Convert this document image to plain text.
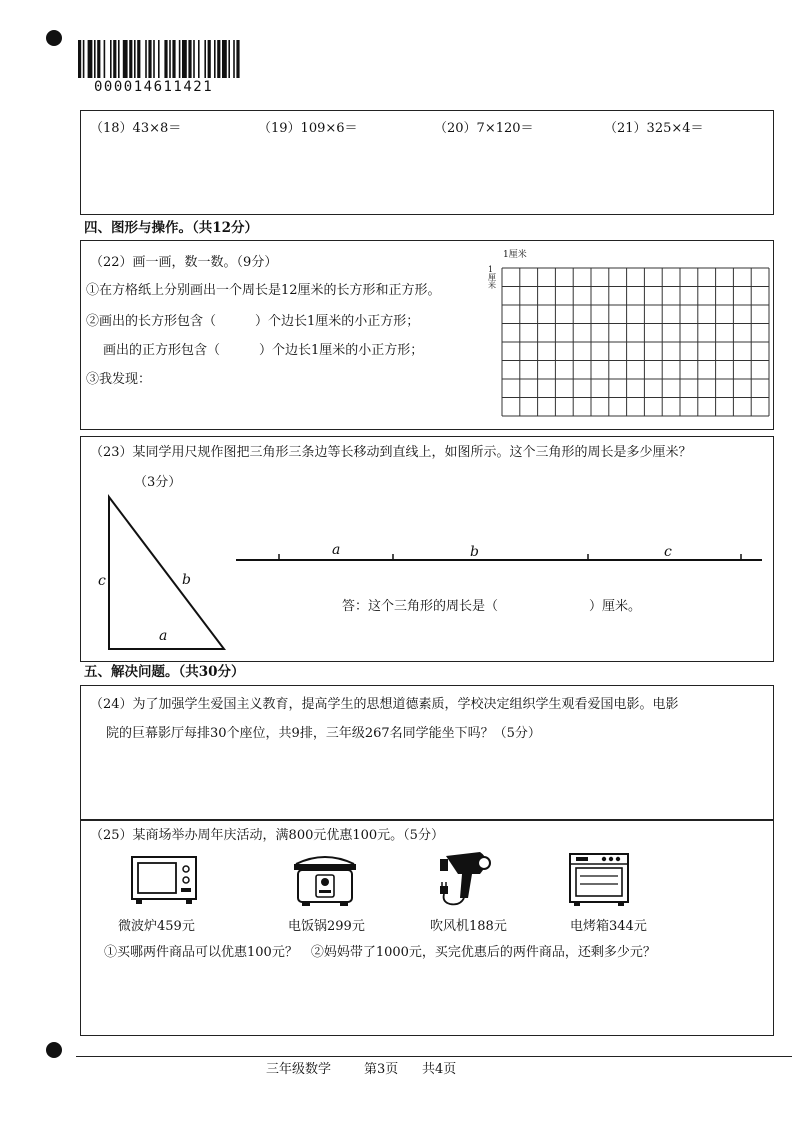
000014611421
（18）43×8＝	（19）109×6＝	（20）7×120＝	（21）325×4＝
四、图形与操作。（共12分）
（22）画一画，数一数。（9分）
①在方格纸上分别画出一个周长是12厘米的长方形和正方形。
②画出的长方形包含（　　　）个边长1厘米的小正方形；
画出的正方形包含（　　　）个边长1厘米的小正方形；
③我发现：
1厘米
1厘米
（23）某同学用尺规作图把三角形三条边等长移动到直线上，如图所示。这个三角形的周长是多少厘米？
（3分）
c	b
a
a	b	c
答：这个三角形的周长是（　　　　　　　）厘米。
五、解决问题。（共30分）
（24）为了加强学生爱国主义教育，提高学生的思想道德素质，学校决定组织学生观看爱国电影。电影
院的巨幕影厅每排30个座位，共9排，三年级267名同学能坐下吗？（5分）
（25）某商场举办周年庆活动，满800元优惠100元。（5分）
微波炉459元	电饭锅299元	吹风机188元	电烤箱344元
①买哪两件商品可以优惠100元？　②妈妈带了1000元，买完优惠后的两件商品，还剩多少元？
三年级数学	第3页 共4页
